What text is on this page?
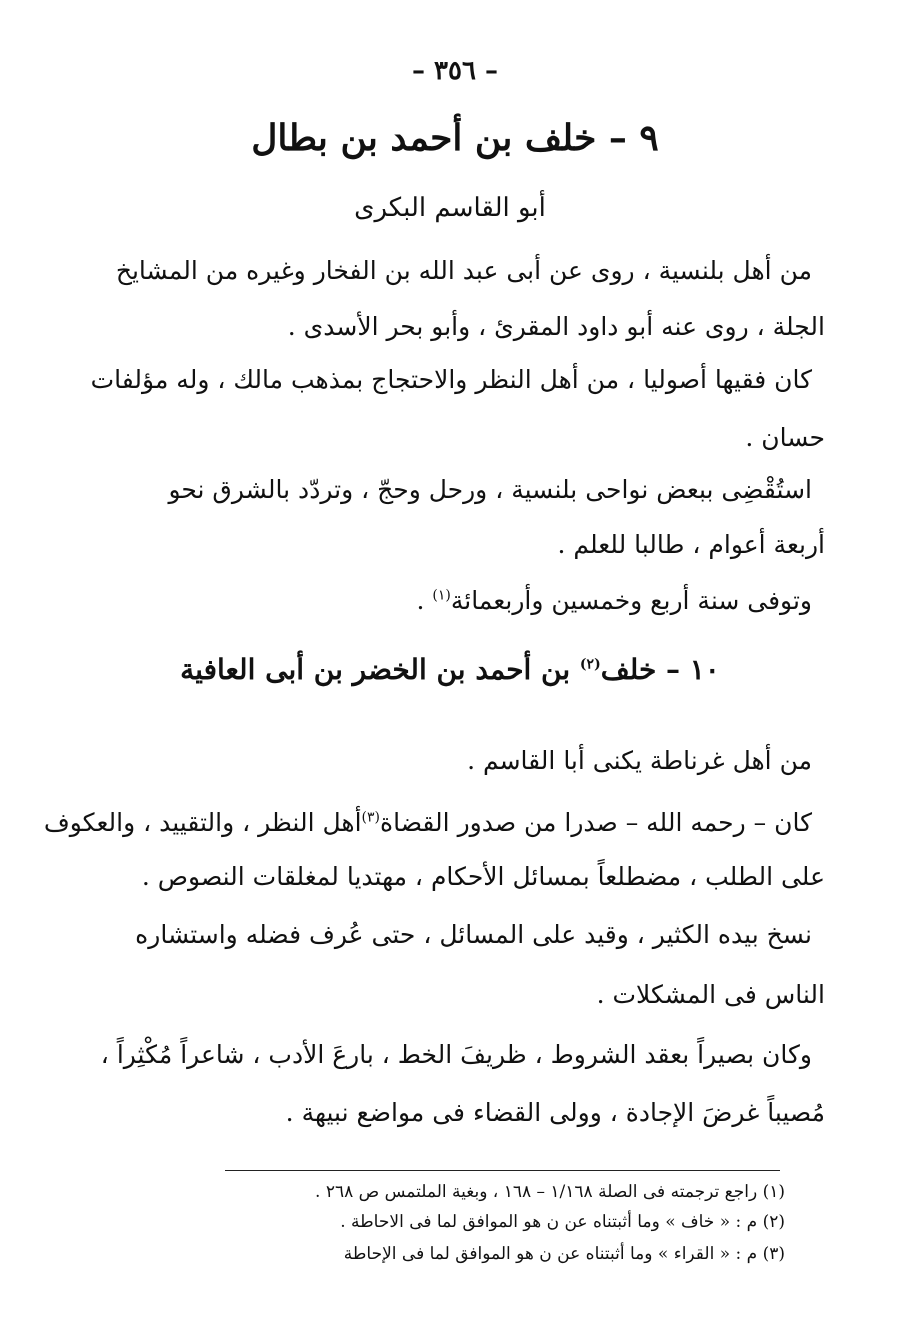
– ٣٥٦ –
٩ – خلف بن أحمد بن بطال
أبو القاسم البكرى
من أهل بلنسية ، روى عن أبى عبد الله بن الفخار وغيره من المشايخ
الجلة ، روى عنه أبو داود المقرئ ، وأبو بحر الأسدى .
كان فقيها أصوليا ، من أهل النظر والاحتجاج بمذهب مالك ، وله مؤلفات
حسان .
استُقْضِى ببعض نواحى بلنسية ، ورحل وحجّ ، وتردّد بالشرق نحو
أربعة أعوام ، طالبا للعلم .
وتوفى سنة أربع وخمسين وأربعمائة$^{(١)}$ .
١٠ – خلف$^{(٢)}$ بن أحمد بن الخضر بن أبى العافية
من أهل غرناطة يكنى أبا القاسم .
كان – رحمه الله – صدرا من صدور القضاة$^{(٣)}$أهل النظر ، والتقييد ، والعكوف
على الطلب ، مضطلعاً بمسائل الأحكام ، مهتديا لمغلقات النصوص .
نسخ بيده الكثير ، وقيد على المسائل ، حتى عُرف فضله واستشاره
الناس فى المشكلات .
وكان بصيراً بعقد الشروط ، ظريفَ الخط ، بارعَ الأدب ، شاعراً مُكْثِراً ،
مُصيباً غرضَ الإجادة ، وولى القضاء فى مواضع نبيهة .
(١) راجع ترجمته فى الصلة ١/١٦٨ – ١٦٨ ، وبغية الملتمس ص ٢٦٨ .
(٢) م : « خاف » وما أثبتناه عن ن هو الموافق لما فى الاحاطة .
(٣) م : « القراء » وما أثبتناه عن ن هو الموافق لما فى الإحاطة
